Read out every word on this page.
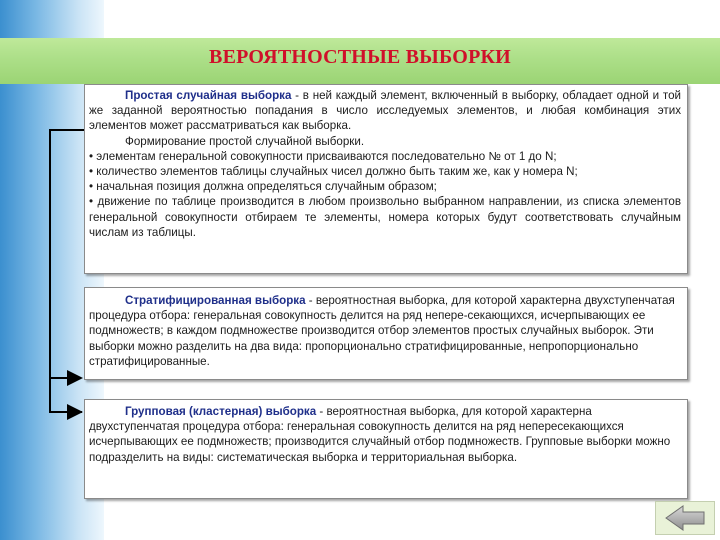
ВЕРОЯТНОСТНЫЕ ВЫБОРКИ

Простая случайная выборка - в ней каждый элемент, включенный в выборку, обладает одной и той же заданной вероятностью попадания в число исследуемых элементов, и любая комбинация этих элементов может рассматриваться как выборка.

Формирование простой случайной выборки.

• элементам генеральной совокупности присваиваются последовательно № от 1 до N;

• количество элементов таблицы случайных чисел должно быть таким же, как у номера N;

• начальная позиция должна определяться случайным образом;

• движение по таблице производится в любом произвольно выбранном направлении, из списка элементов генеральной совокупности отбираем те элементы, номера которых будут соответствовать случайным числам из таблицы.

Стратифицированная выборка - вероятностная выборка, для которой характерна двухступенчатая процедура отбора: генеральная совокупность делится на ряд непере-секающихся, исчерпывающих ее подмножеств; в каждом подмножестве производится отбор элементов простых случайных выборок. Эти выборки можно разделить на два вида: пропорционально стратифицированные, непропорционально стратифицированные.

Групповая (кластерная) выборка - вероятностная выборка, для которой характерна двухступенчатая процедура отбора: генеральная совокупность делится на ряд непересекающихся исчерпывающих ее подмножеств; производится случайный отбор подмножеств. Групповые выборки можно подразделить на виды: систематическая выборка и территориальная выборка.
